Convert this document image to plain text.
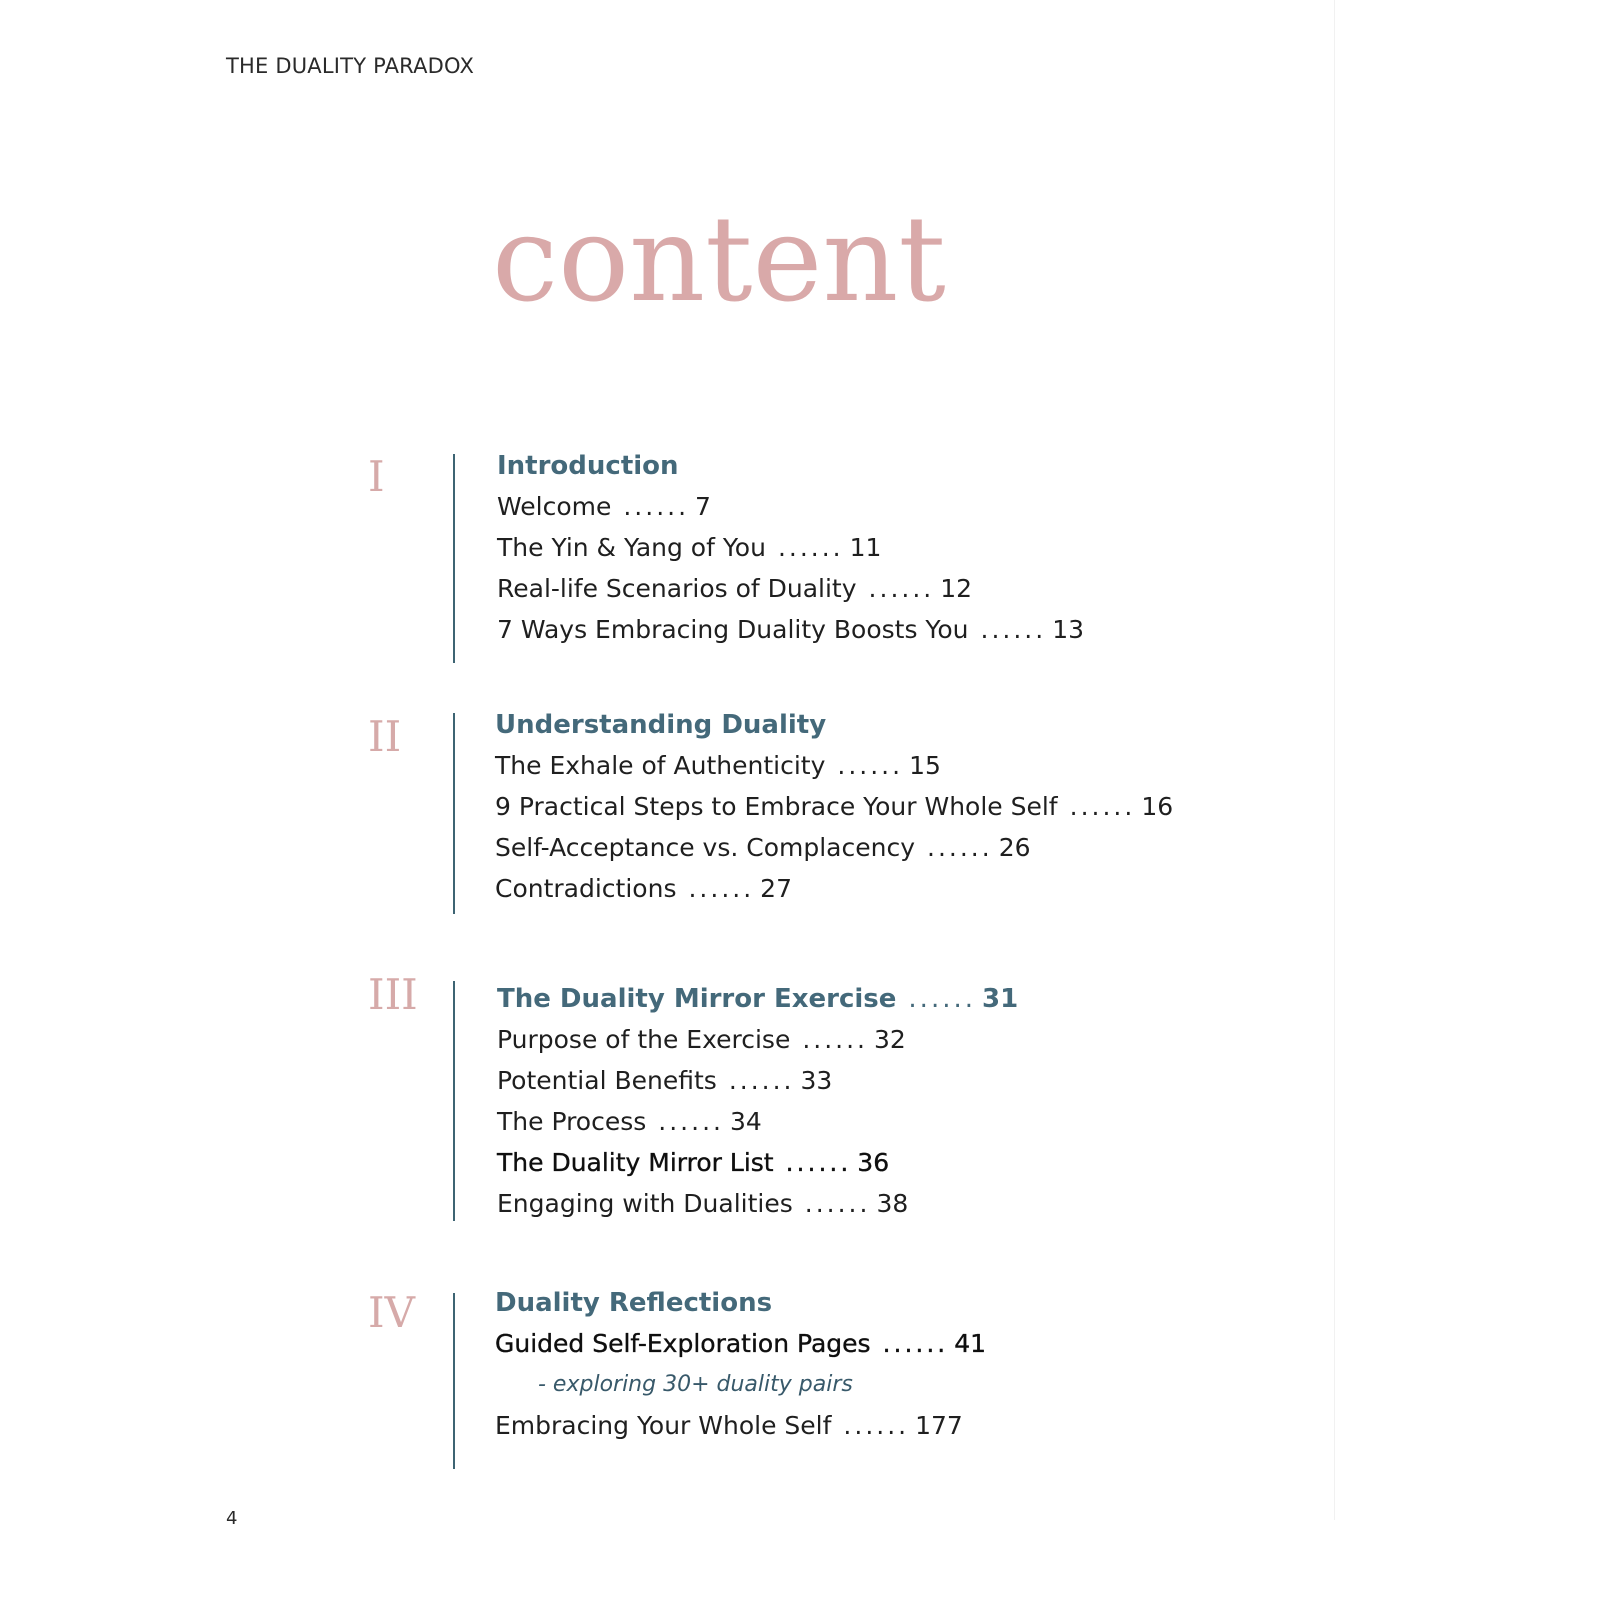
THE DUALITY PARADOX
content
I	Introduction
Welcome ...... 7
The Yin & Yang of You ...... 11
Real-life Scenarios of Duality ...... 12
7 Ways Embracing Duality Boosts You ...... 13
II	Understanding Duality
The Exhale of Authenticity ...... 15
9 Practical Steps to Embrace Your Whole Self ...... 16
Self-Acceptance vs. Complacency ...... 26
Contradictions ...... 27
III	The Duality Mirror Exercise ...... 31
Purpose of the Exercise ...... 32
Potential Benefits ...... 33
The Process ...... 34
The Duality Mirror List ...... 36
Engaging with Dualities ...... 38
IV	Duality Reflections
Guided Self-Exploration Pages ...... 41
- exploring 30+ duality pairs
Embracing Your Whole Self ...... 177
4
